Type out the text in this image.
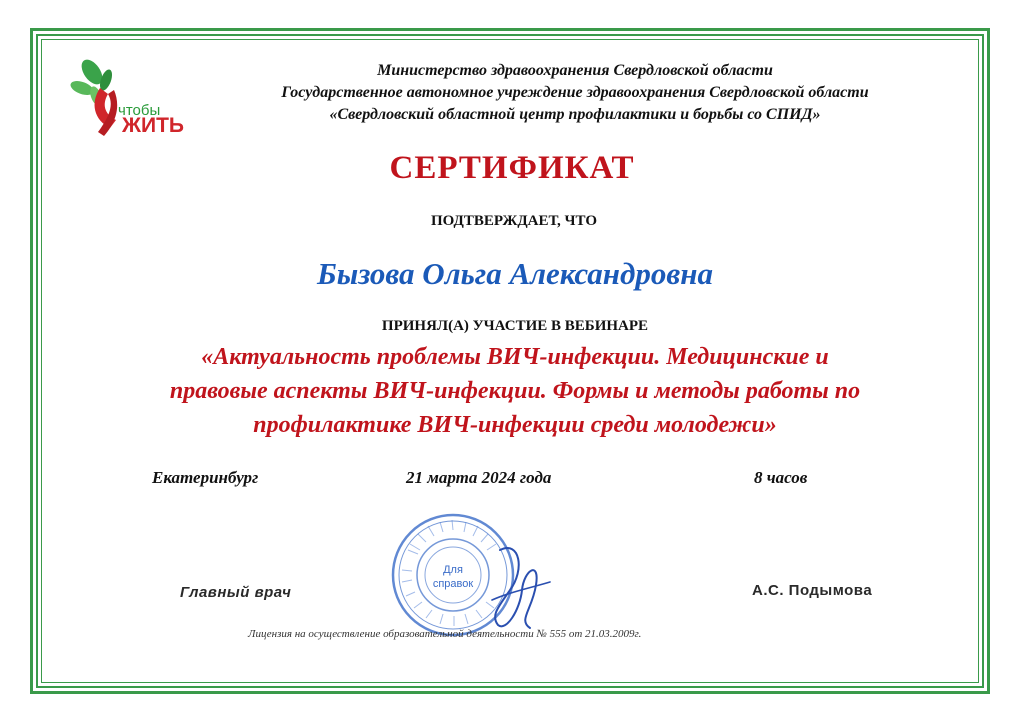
чтобы
ЖИТЬ
Министерство здравоохранения Свердловской области
Государственное автономное учреждение здравоохранения Свердловской области
«Свердловский областной центр профилактики и борьбы со СПИД»
СЕРТИФИКАТ
ПОДТВЕРЖДАЕТ, ЧТО
Бызова Ольга Александровна
ПРИНЯЛ(А) УЧАСТИЕ В ВЕБИНАРЕ
«Актуальность проблемы ВИЧ-инфекции. Медицинские и
правовые аспекты ВИЧ-инфекции. Формы и методы работы по
профилактике ВИЧ-инфекции среди молодежи»
Екатеринбург	21 марта 2024 года	8 часов
Для
справок
Главный врач	А.С. Подымова
Лицензия на осуществление образовательной деятельности № 555 от 21.03.2009г.
